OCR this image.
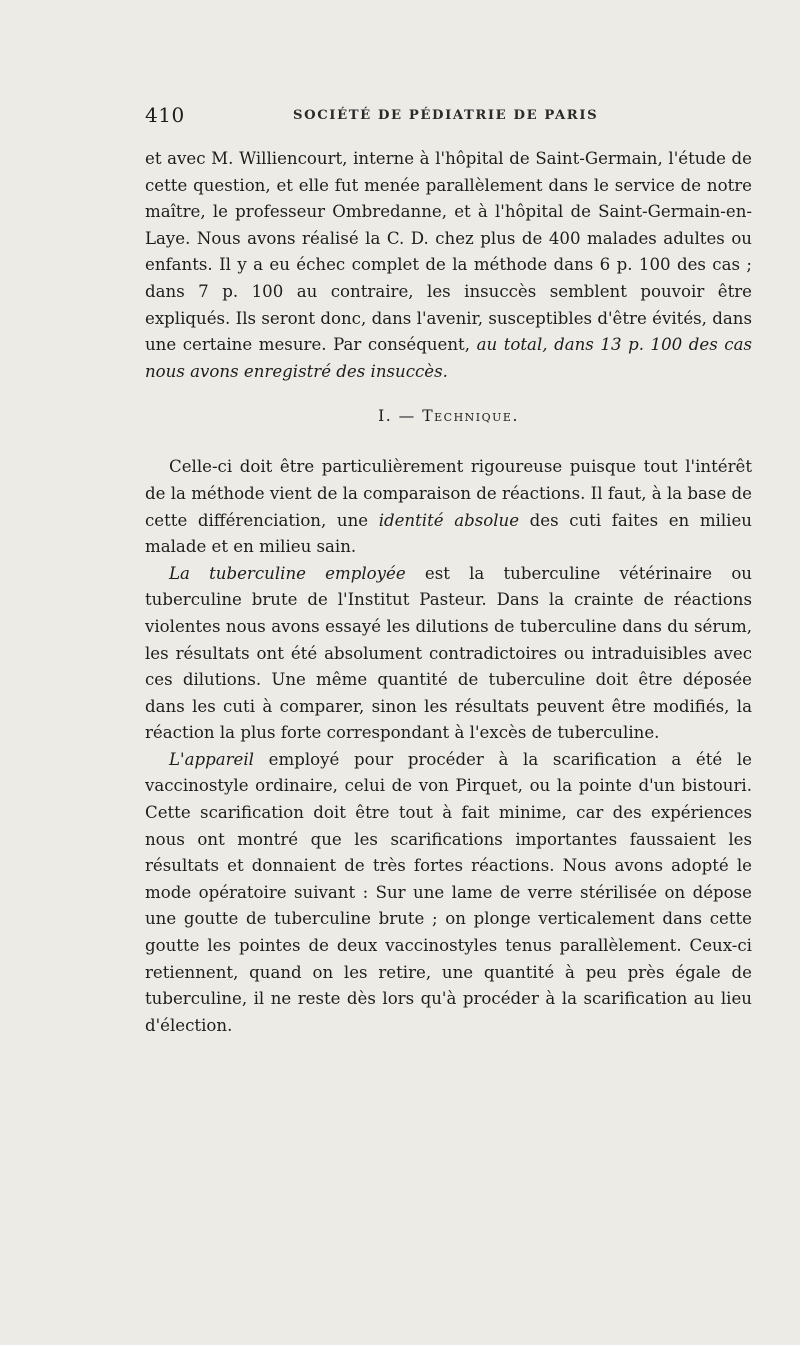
410	SOCIÉTÉ DE PÉDIATRIE DE PARIS

et avec M. Williencourt, interne à l'hôpital de Saint-Germain, l'étude de cette question, et elle fut menée parallèlement dans le service de notre maître, le professeur Ombredanne, et à l'hôpital de Saint-Germain-en-Laye. Nous avons réalisé la C. D. chez plus de 400 malades adultes ou enfants. Il y a eu échec complet de la méthode dans 6 p. 100 des cas ; dans 7 p. 100 au contraire, les insuccès semblent pouvoir être expliqués. Ils seront donc, dans l'avenir, susceptibles d'être évités, dans une certaine mesure. Par conséquent, au total, dans 13 p. 100 des cas nous avons enregistré des insuccès.

I. — Technique.

Celle-ci doit être particulièrement rigoureuse puisque tout l'intérêt de la méthode vient de la comparaison de réactions. Il faut, à la base de cette différenciation, une identité absolue des cuti faites en milieu malade et en milieu sain.

La tuberculine employée est la tuberculine vétérinaire ou tuberculine brute de l'Institut Pasteur. Dans la crainte de réactions violentes nous avons essayé les dilutions de tuberculine dans du sérum, les résultats ont été absolument contradictoires ou intraduisibles avec ces dilutions. Une même quantité de tuberculine doit être déposée dans les cuti à comparer, sinon les résultats peuvent être modifiés, la réaction la plus forte correspondant à l'excès de tuberculine.

L'appareil employé pour procéder à la scarification a été le vaccinostyle ordinaire, celui de von Pirquet, ou la pointe d'un bistouri. Cette scarification doit être tout à fait minime, car des expériences nous ont montré que les scarifications importantes faussaient les résultats et donnaient de très fortes réactions. Nous avons adopté le mode opératoire suivant : Sur une lame de verre stérilisée on dépose une goutte de tuberculine brute ; on plonge verticalement dans cette goutte les pointes de deux vaccinostyles tenus parallèlement. Ceux-ci retiennent, quand on les retire, une quantité à peu près égale de tuberculine, il ne reste dès lors qu'à procéder à la scarification au lieu d'élection.
